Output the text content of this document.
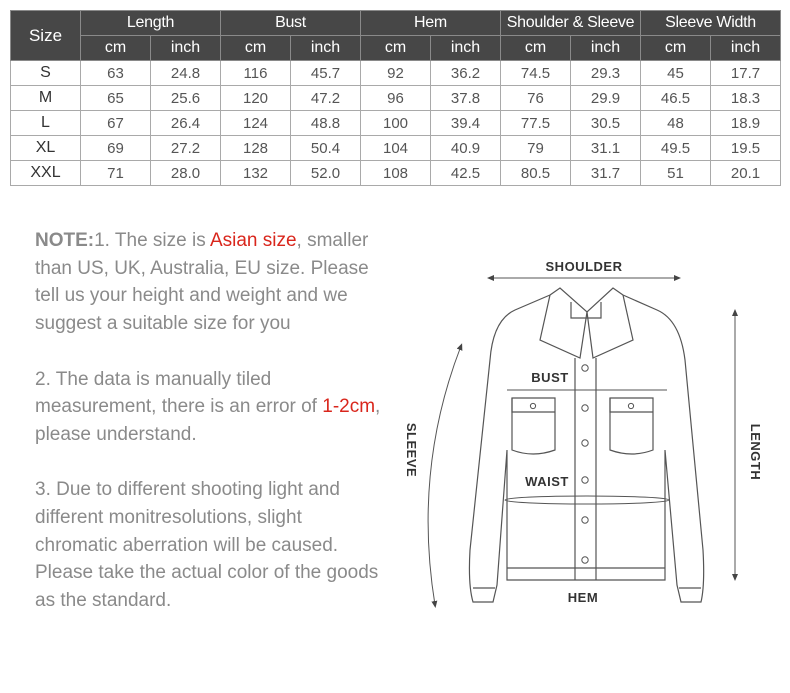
Size	Length		Bust		Hem		Shoulder & Sleeve		Sleeve Width	
	cm	inch	cm	inch	cm	inch	cm	inch	cm	inch
S	63	24.8	116	45.7	92	36.2	74.5	29.3	45	17.7
M	65	25.6	120	47.2	96	37.8	76	29.9	46.5	18.3
L	67	26.4	124	48.8	100	39.4	77.5	30.5	48	18.9
XL	69	27.2	128	50.4	104	40.9	79	31.1	49.5	19.5
XXL	71	28.0	132	52.0	108	42.5	80.5	31.7	51	20.1

NOTE:1. The size is Asian size, smaller than US, UK, Australia, EU size. Please tell us your height and weight and we suggest a suitable size for you

2. The data is manually tiled measurement, there is an error of 1-2cm, please understand.

3. Due to different shooting light and different monitresolutions, slight chromatic aberration will be caused. Please take the actual color of the goods as the standard.

SHOULDER
BUST
WAIST
HEM
SLEEVE	LENGTH
